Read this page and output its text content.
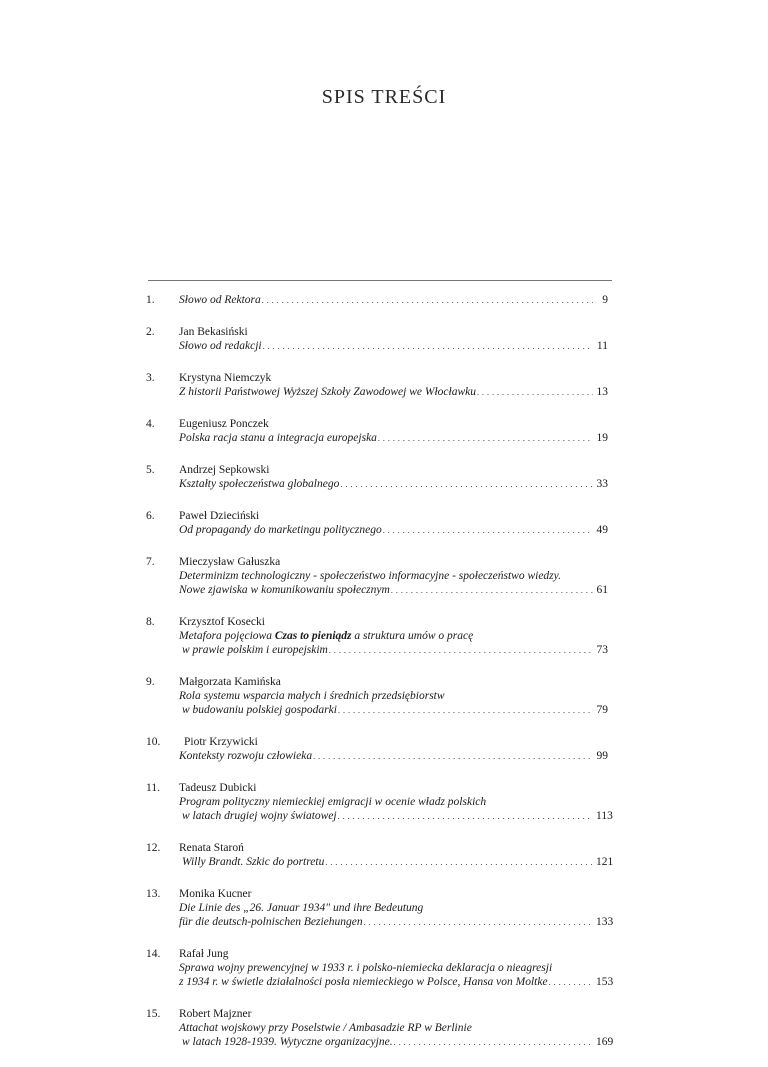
SPIS TREŚCI
1. Słowo od Rektora . . .	9
2. Jan Bekasiński
Słowo od redakcji . . .	11
3. Krystyna Niemczyk
Z historii Państwowej Wyższej Szkoły Zawodowej we Włocławku . . .	13
4. Eugeniusz Ponczek
Polska racja stanu a integracja europejska . . .	19
5. Andrzej Sepkowski
Kształty społeczeństwa globalnego . . .	33
6. Paweł Dzieciński
Od propagandy do marketingu politycznego . . .	49
7. Mieczysław Gałuszka
Determinizm technologiczny - społeczeństwo informacyjne - społeczeństwo wiedzy.
Nowe zjawiska w komunikowaniu społecznym . . .	61
8. Krzysztof Kosecki
Metafora pojęciowa Czas to pieniądz a struktura umów o pracę
w prawie polskim i europejskim . . .	73
9. Małgorzata Kamińska
Rola systemu wsparcia małych i średnich przedsiębiorstw
w budowaniu polskiej gospodarki . . .	79
10.	Piotr Krzywicki
Konteksty rozwoju człowieka . . .	99
11. Tadeusz Dubicki
Program polityczny niemieckiej emigracji w ocenie władz polskich
w latach drugiej wojny światowej . . .	113
12. Renata Staroń
Willy Brandt. Szkic do portretu . . .	121
13. Monika Kucner
Die Linie des „26. Januar 1934" und ihre Bedeutung
für die deutsch-polnischen Beziehungen . . .	133
14. Rafał Jung
Sprawa wojny prewencyjnej w 1933 r. i polsko-niemiecka deklaracja o nieagresji
z 1934 r. w świetle działalności posła niemieckiego w Polsce, Hansa von Moltke . . .	153
15. Robert Majzner
Attachat wojskowy przy Poselstwie / Ambasadzie RP w Berlinie
w latach 1928-1939. Wytyczne organizacyjne. . . .	169
